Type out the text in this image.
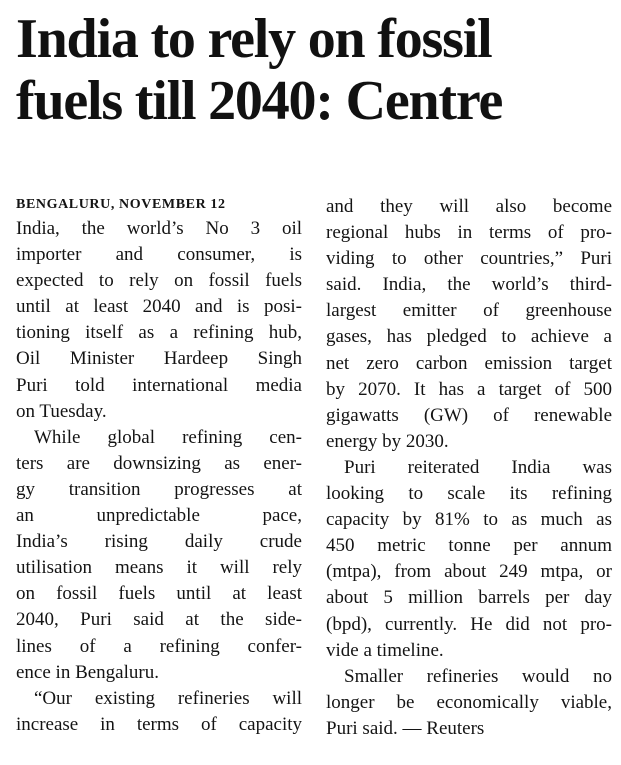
India to rely on fossil
fuels till 2040: Centre
BENGALURU, NOVEMBER 12
India, the world’s No 3 oil
importer and consumer, is
expected to rely on fossil fuels
until at least 2040 and is posi-
tioning itself as a refining hub,
Oil Minister Hardeep Singh
Puri told international media
on Tuesday.
While global refining cen-
ters are downsizing as ener-
gy transition progresses at
an unpredictable pace,
India’s rising daily crude
utilisation means it will rely
on fossil fuels until at least
2040, Puri said at the side-
lines of a refining confer-
ence in Bengaluru.
“Our existing refineries will
increase in terms of capacity
and they will also become
regional hubs in terms of pro-
viding to other countries,” Puri
said. India, the world’s third-
largest emitter of greenhouse
gases, has pledged to achieve a
net zero carbon emission target
by 2070. It has a target of 500
gigawatts (GW) of renewable
energy by 2030.
Puri reiterated India was
looking to scale its refining
capacity by 81% to as much as
450 metric tonne per annum
(mtpa), from about 249 mtpa, or
about 5 million barrels per day
(bpd), currently. He did not pro-
vide a timeline.
Smaller refineries would no
longer be economically viable,
Puri said. — Reuters
